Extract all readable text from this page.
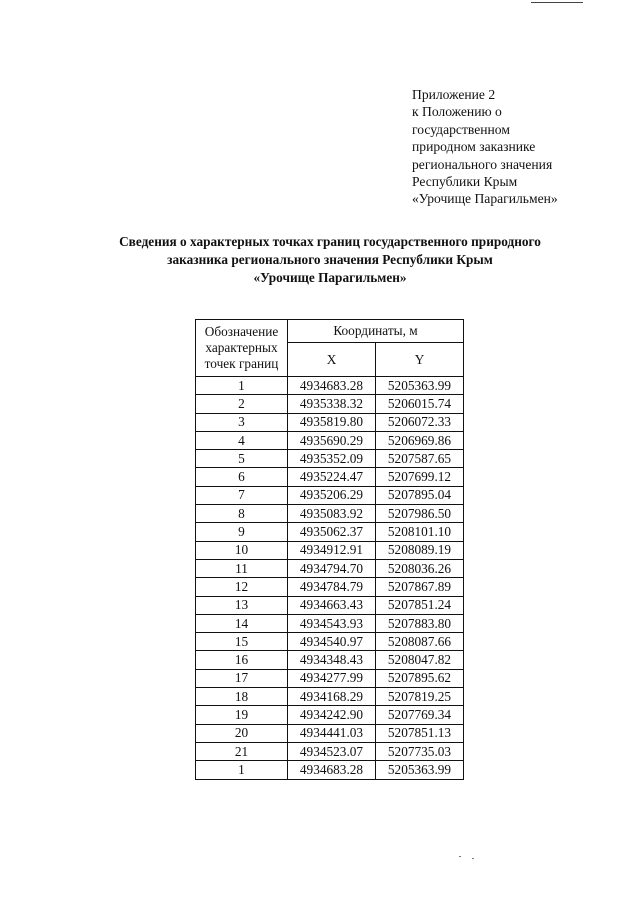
Приложение 2
к Положению о
государственном
природном заказнике
регионального значения
Республики Крым
«Урочище Парагильмен»
Сведения о характерных точках границ государственного природного
заказника регионального значения Республики Крым
«Урочище Парагильмен»
Обозначение
характерных
точек границ	Координаты, м	
	X	Y
1	4934683.28	5205363.99
2	4935338.32	5206015.74
3	4935819.80	5206072.33
4	4935690.29	5206969.86
5	4935352.09	5207587.65
6	4935224.47	5207699.12
7	4935206.29	5207895.04
8	4935083.92	5207986.50
9	4935062.37	5208101.10
10	4934912.91	5208089.19
11	4934794.70	5208036.26
12	4934784.79	5207867.89
13	4934663.43	5207851.24
14	4934543.93	5207883.80
15	4934540.97	5208087.66
16	4934348.43	5208047.82
17	4934277.99	5207895.62
18	4934168.29	5207819.25
19	4934242.90	5207769.34
20	4934441.03	5207851.13
21	4934523.07	5207735.03
1	4934683.28	5205363.99
